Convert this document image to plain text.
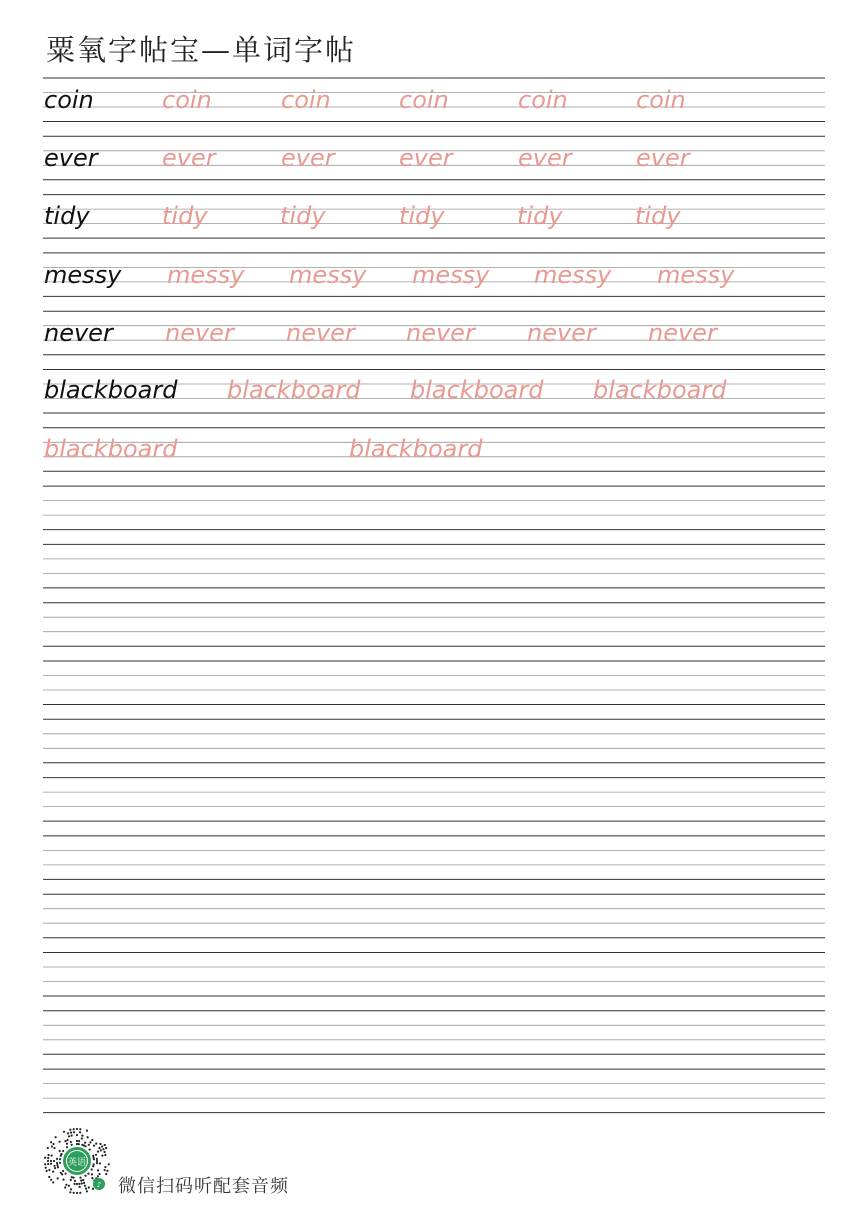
粟氧字帖宝—单词字帖
coin	coin	coin	coin	coin	coin
ever	ever	ever	ever	ever	ever
tidy	tidy	tidy	tidy	tidy	tidy
messy messy messy messy messy messy
never never never never never never
blackboard blackboard blackboard blackboard
blackboard	blackboard
英语
♪ 微信扫码听配套音频
